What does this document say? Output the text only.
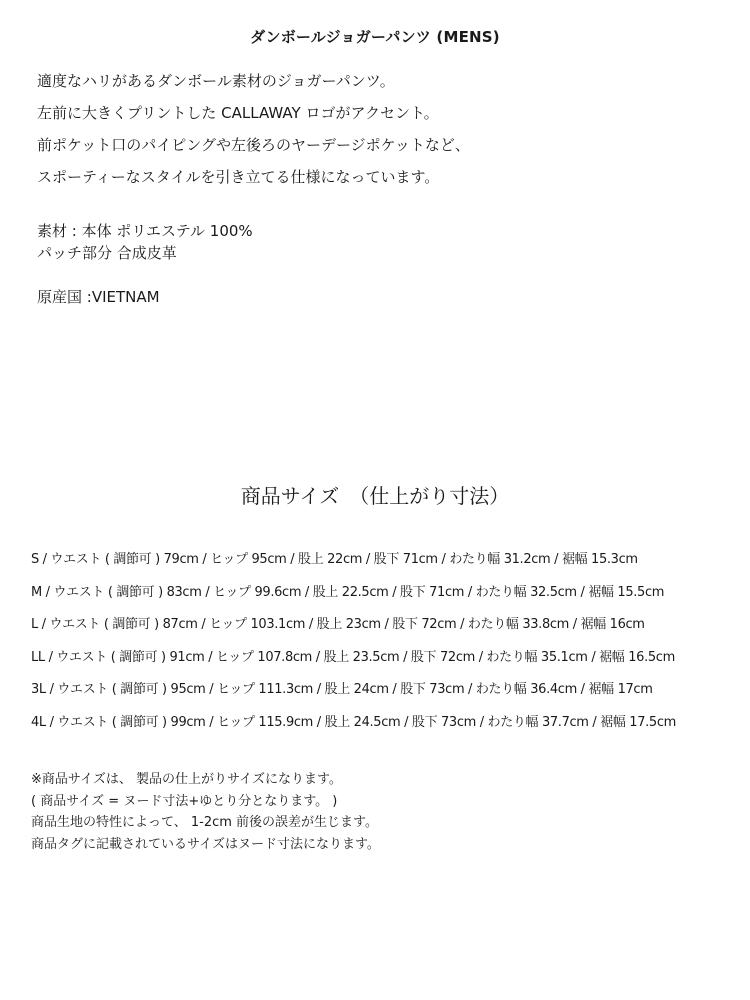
ダンボールジョガーパンツ (MENS)
適度なハリがあるダンボール素材のジョガーパンツ。
左前に大きくプリントした CALLAWAY ロゴがアクセント。
前ポケット口のパイピングや左後ろのヤーデージポケットなど、
スポーティーなスタイルを引き立てる仕様になっています。
素材 : 本体 ポリエステル 100%
パッチ部分 合成皮革
原産国 :VIETNAM
商品サイズ　（仕上がり寸法）
S / ウエスト ( 調節可 ) 79cm / ヒップ 95cm / 股上 22cm / 股下 71cm / わたり幅 31.2cm / 裾幅 15.3cm
M / ウエスト ( 調節可 ) 83cm / ヒップ 99.6cm / 股上 22.5cm / 股下 71cm / わたり幅 32.5cm / 裾幅 15.5cm
L / ウエスト ( 調節可 ) 87cm / ヒップ 103.1cm / 股上 23cm / 股下 72cm / わたり幅 33.8cm / 裾幅 16cm
LL / ウエスト ( 調節可 ) 91cm / ヒップ 107.8cm / 股上 23.5cm / 股下 72cm / わたり幅 35.1cm / 裾幅 16.5cm
3L / ウエスト ( 調節可 ) 95cm / ヒップ 111.3cm / 股上 24cm / 股下 73cm / わたり幅 36.4cm / 裾幅 17cm
4L / ウエスト ( 調節可 ) 99cm / ヒップ 115.9cm / 股上 24.5cm / 股下 73cm / わたり幅 37.7cm / 裾幅 17.5cm
※商品サイズは、 製品の仕上がりサイズになります。
( 商品サイズ = ヌード寸法+ゆとり分となります。 )
商品生地の特性によって、 1-2cm 前後の誤差が生じます。
商品タグに記載されているサイズはヌード寸法になります。
